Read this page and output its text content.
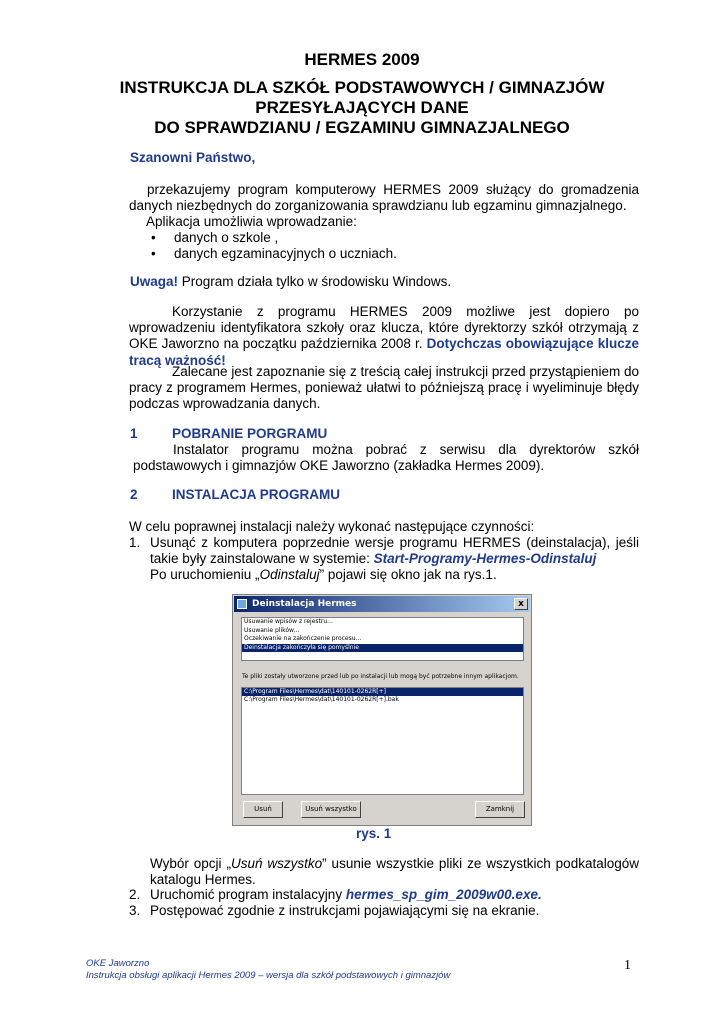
HERMES 2009
INSTRUKCJA DLA SZKÓŁ PODSTAWOWYCH / GIMNAZJÓW
PRZESYŁAJĄCYCH DANE
DO SPRAWDZIANU / EGZAMINU GIMNAZJALNEGO
Szanowni Państwo,
przekazujemy program komputerowy HERMES 2009 służący do gromadzenia danych niezbędnych do zorganizowania sprawdzianu lub egzaminu gimnazjalnego.
Aplikacja umożliwia wprowadzanie:
• danych o szkole ,
• danych egzaminacyjnych o uczniach.
Uwaga! Program działa tylko w środowisku Windows.
Korzystanie z programu HERMES 2009 możliwe jest dopiero po wprowadzeniu identyfikatora szkoły oraz klucza, które dyrektorzy szkół otrzymają z OKE Jaworzno na początku października 2008 r. Dotychczas obowiązujące klucze tracą ważność!
Zalecane jest zapoznanie się z treścią całej instrukcji przed przystąpieniem do pracy z programem Hermes, ponieważ ułatwi to późniejszą pracę i wyeliminuje błędy podczas wprowadzania danych.
1	POBRANIE PORGRAMU
Instalator programu można pobrać z serwisu dla dyrektorów szkół podstawowych i gimnazjów OKE Jaworzno (zakładka Hermes 2009).
2	INSTALACJA PROGRAMU
W celu poprawnej instalacji należy wykonać następujące czynności:
1. Usunąć z komputera poprzednie wersje programu HERMES (deinstalacja), jeśli takie były zainstalowane w systemie: Start-Programy-Hermes-Odinstaluj
Po uruchomieniu „Odinstaluj” pojawi się okno jak na rys.1.
Deinstalacja Hermes	x
Usuwanie wpisów z rejestru...
Usuwanie plików...
Oczekiwanie na zakończenie procesu...
Deinstalacja zakończyła się pomyślnie
Te pliki zostały utworzone przed lub po instalacji lub mogą być potrzebne innym aplikacjom.
C:\Program Files\Hermes\dat\140101-0262R[+]
C:\Program Files\Hermes\dat\140101-0262R[+].bak
Usuń	Usuń wszystko	Zamknij
rys. 1
Wybór opcji „Usuń wszystko” usunie wszystkie pliki ze wszystkich podkatalogów katalogu Hermes.
2. Uruchomić program instalacyjny hermes_sp_gim_2009w00.exe.
3. Postępować zgodnie z instrukcjami pojawiającymi się na ekranie.
OKE Jaworzno
Instrukcja obsługi aplikacji Hermes 2009 – wersja dla szkół podstawowych i gimnazjów
1
